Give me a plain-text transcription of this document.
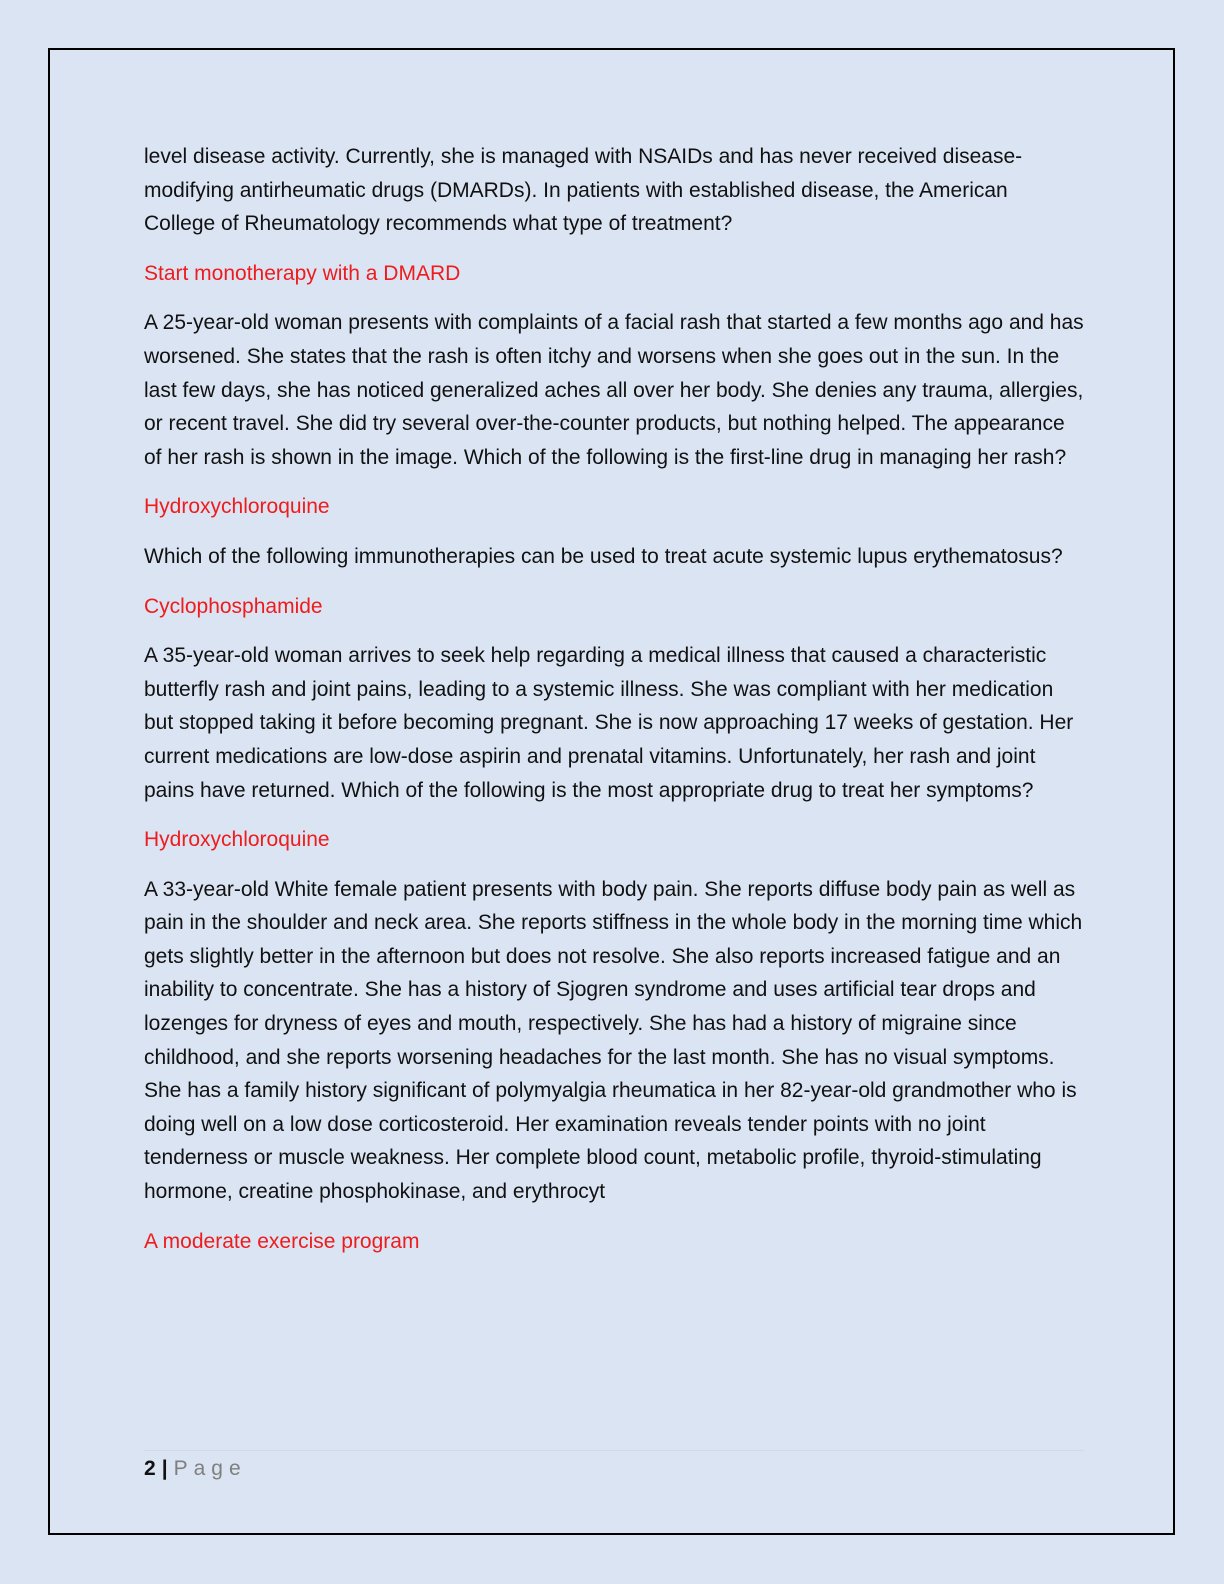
level disease activity. Currently, she is managed with NSAIDs and has never received disease-modifying antirheumatic drugs (DMARDs). In patients with established disease, the American College of Rheumatology recommends what type of treatment?

Start monotherapy with a DMARD

A 25-year-old woman presents with complaints of a facial rash that started a few months ago and has worsened. She states that the rash is often itchy and worsens when she goes out in the sun. In the last few days, she has noticed generalized aches all over her body. She denies any trauma, allergies, or recent travel. She did try several over-the-counter products, but nothing helped. The appearance of her rash is shown in the image. Which of the following is the first-line drug in managing her rash?

Hydroxychloroquine

Which of the following immunotherapies can be used to treat acute systemic lupus erythematosus?

Cyclophosphamide

A 35-year-old woman arrives to seek help regarding a medical illness that caused a characteristic butterfly rash and joint pains, leading to a systemic illness. She was compliant with her medication but stopped taking it before becoming pregnant. She is now approaching 17 weeks of gestation. Her current medications are low-dose aspirin and prenatal vitamins. Unfortunately, her rash and joint pains have returned. Which of the following is the most appropriate drug to treat her symptoms?

Hydroxychloroquine

A 33-year-old White female patient presents with body pain. She reports diffuse body pain as well as pain in the shoulder and neck area. She reports stiffness in the whole body in the morning time which gets slightly better in the afternoon but does not resolve. She also reports increased fatigue and an inability to concentrate. She has a history of Sjogren syndrome and uses artificial tear drops and lozenges for dryness of eyes and mouth, respectively. She has had a history of migraine since childhood, and she reports worsening headaches for the last month. She has no visual symptoms. She has a family history significant of polymyalgia rheumatica in her 82-year-old grandmother who is doing well on a low dose corticosteroid. Her examination reveals tender points with no joint tenderness or muscle weakness. Her complete blood count, metabolic profile, thyroid-stimulating hormone, creatine phosphokinase, and erythrocyt

A moderate exercise program

2 | Page
